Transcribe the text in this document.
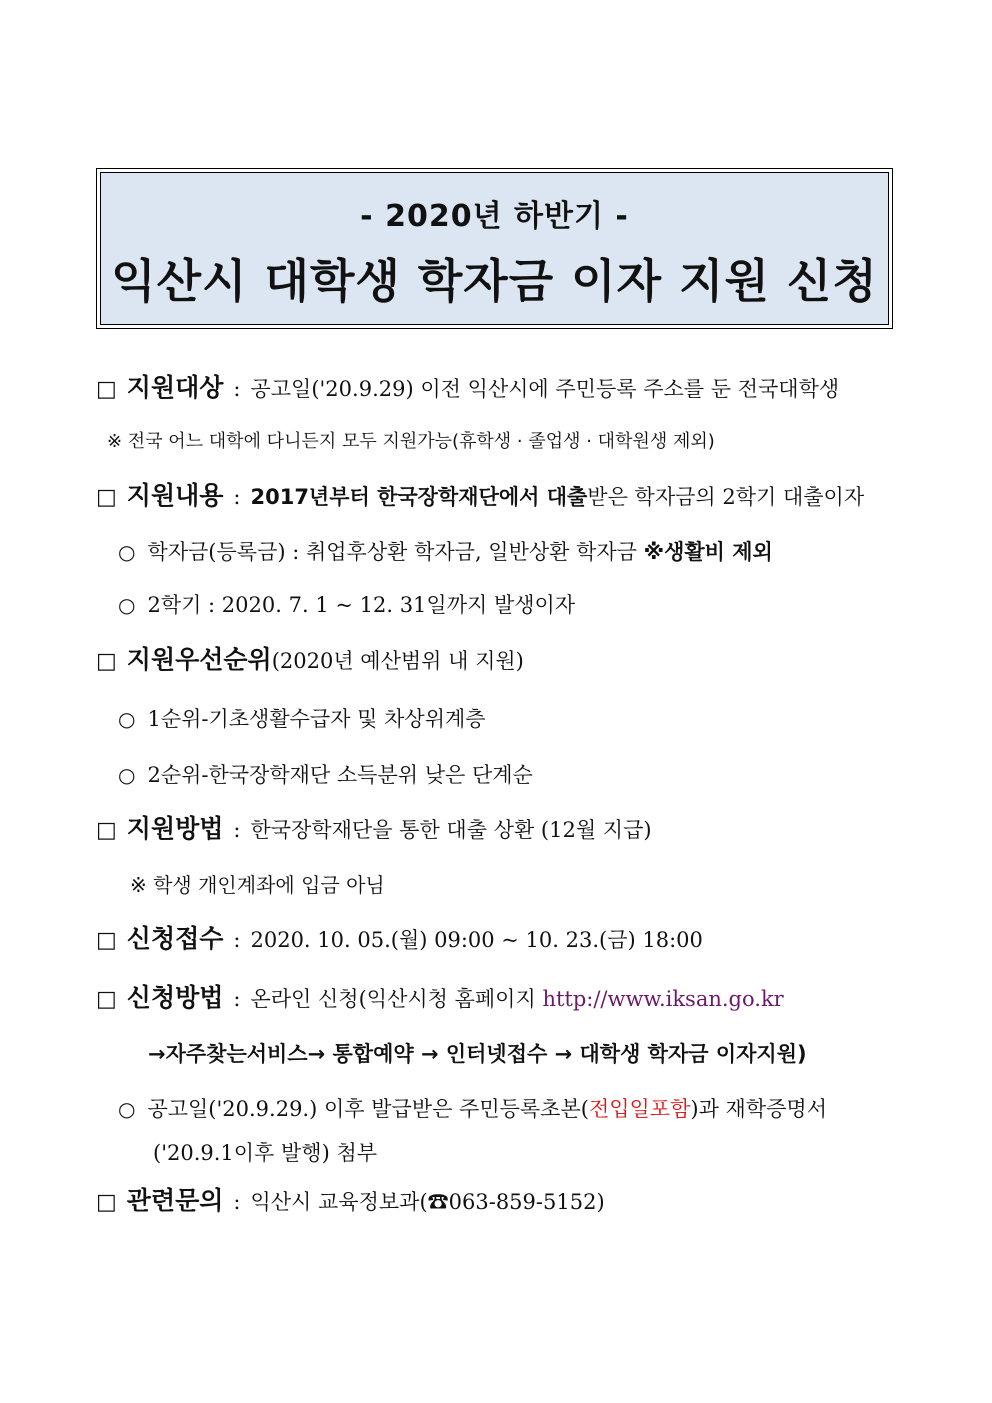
- 2020년 하반기 -
익산시 대학생 학자금 이자 지원 신청
□ 지원대상 : 공고일('20.9.29) 이전 익산시에 주민등록 주소를 둔 전국대학생
※ 전국 어느 대학에 다니든지 모두 지원가능(휴학생 · 졸업생 · 대학원생 제외)
□ 지원내용 : 2017년부터 한국장학재단에서 대출받은 학자금의 2학기 대출이자
○ 학자금(등록금) : 취업후상환 학자금, 일반상환 학자금 ※생활비 제외
○ 2학기 : 2020. 7. 1 ~ 12. 31일까지 발생이자
□ 지원우선순위(2020년 예산범위 내 지원)
○ 1순위-기초생활수급자 및 차상위계층
○ 2순위-한국장학재단 소득분위 낮은 단계순
□ 지원방법 : 한국장학재단을 통한 대출 상환 (12월 지급)
※ 학생 개인계좌에 입금 아님
□ 신청접수 : 2020. 10. 05.(월) 09:00 ~ 10. 23.(금) 18:00
□ 신청방법 : 온라인 신청(익산시청 홈페이지 http://www.iksan.go.kr
→자주찾는서비스→ 통합예약 → 인터넷접수 → 대학생 학자금 이자지원)
○ 공고일('20.9.29.) 이후 발급받은 주민등록초본(전입일포함)과 재학증명서
('20.9.1이후 발행) 첨부
□ 관련문의 : 익산시 교육정보과(☎063-859-5152)
